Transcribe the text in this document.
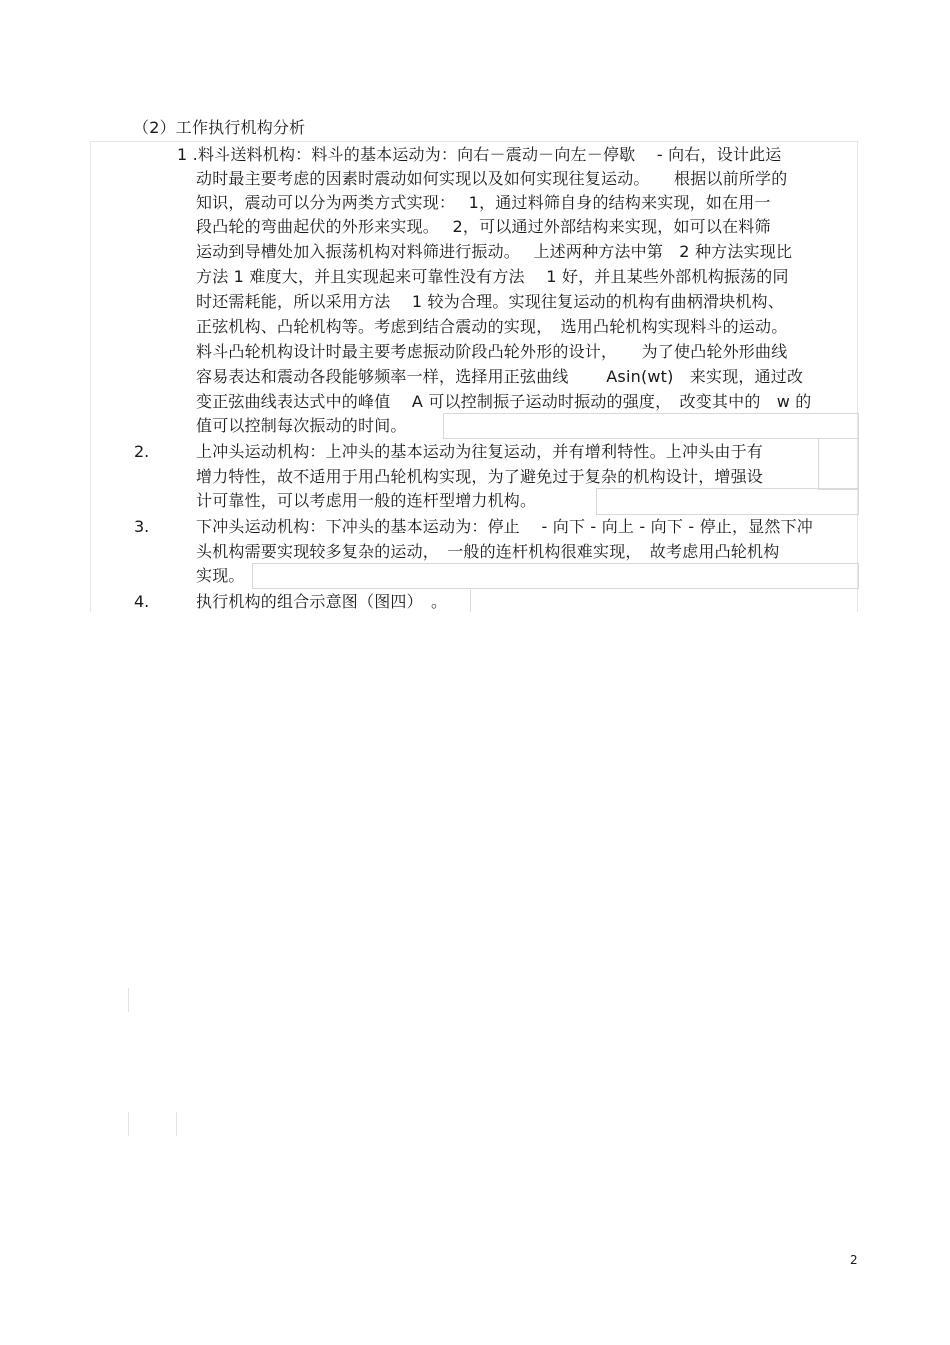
（2）工作执行机构分析
1 .料斗送料机构：料斗的基本运动为：向右－震动－向左－停歇　 - 向右，设计此运
动时最主要考虑的因素时震动如何实现以及如何实现往复运动。　　根据以前所学的
知识，震动可以分为两类方式实现：　 1，通过料筛自身的结构来实现，如在用一
段凸轮的弯曲起伏的外形来实现。　 2，可以通过外部结构来实现，如可以在料筛
运动到导槽处加入振荡机构对料筛进行振动。　 上述两种方法中第　2 种方法实现比
方法 1 难度大，并且实现起来可靠性没有方法　 1 好，并且某些外部机构振荡的同
时还需耗能，所以采用方法　 1 较为合理。实现往复运动的机构有曲柄滑块机构、
正弦机构、凸轮机构等。考虑到结合震动的实现，　选用凸轮机构实现料斗的运动。
料斗凸轮机构设计时最主要考虑振动阶段凸轮外形的设计，　　为了使凸轮外形曲线
容易表达和震动各段能够频率一样，选择用正弦曲线　　 Asin(wt)　来实现，通过改
变正弦曲线表达式中的峰值　 A 可以控制振子运动时振动的强度，　改变其中的　w 的
值可以控制每次振动的时间。
2.	上冲头运动机构：上冲头的基本运动为往复运动，并有增利特性。上冲头由于有
增力特性，故不适用于用凸轮机构实现，为了避免过于复杂的机构设计，增强设
计可靠性，可以考虑用一般的连杆型增力机构。
3.	下冲头运动机构：下冲头的基本运动为：停止　 - 向下 - 向上 - 向下 - 停止，显然下冲
头机构需要实现较多复杂的运动，　一般的连杆机构很难实现，　故考虑用凸轮机构
实现。
4.	执行机构的组合示意图（图四）　。
2
